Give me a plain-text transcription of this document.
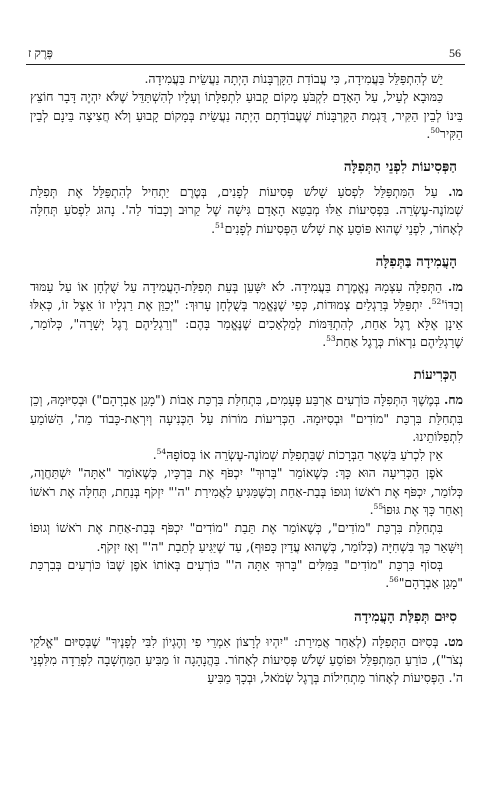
56
פֶּרֶק ז

יֵשׁ לְהִתְפַּלֵּל בַּעֲמִידָה, כִּי עֲבוֹדַת הַקָּרְבָּנוֹת הָיְתָה נַעֲשֵׂית בַּעֲמִידָה.

כַּמּוּבָא לְעֵיל, עַל הָאָדָם לִקְבֹּעַ מָקוֹם קָבוּעַ לִתְפִלָּתוֹ וְעָלָיו לְהִשְׁתַּדֵּל שֶׁלֹּא יִהְיֶה דָּבָר חוֹצֵץ בֵּינוֹ לְבֵין הַקִּיר, דֻּגְמַת הַקָּרְבָּנוֹת שֶׁעֲבוֹדָתָם הָיְתָה נַעֲשֵׂית בְּמָקוֹם קָבוּעַ וְלֹא חֲצִיצָה בֵּינָם לְבֵין הַקִּיר$^{50}$.

הַפְּסִיעוֹת לִפְנֵי הַתְּפִלָּה

מו. עַל הַמִּתְפַּלֵּל לִפְסֹעַ שָׁלֹשׁ פְּסִיעוֹת לְפָנִים, בְּטֶרֶם יַתְחִיל לְהִתְפַּלֵּל אֶת תְּפִלַּת שְׁמוֹנֶה-עֶשְׂרֵה. בִּפְסִיעוֹת אֵלּוּ מְבַטֵּא הָאָדָם גִּישָׁה שֶׁל קֵרוּב וְכָבוֹד לַה'. נָהוּג לִפְסֹעַ תְּחִלָּה לְאָחוֹר, לִפְנֵי שֶׁהוּא פּוֹסֵעַ אֶת שָׁלֹשׁ הַפְּסִיעוֹת לְפָנִים$^{51}$.

הָעֲמִידָה בַּתְּפִלָּה

מז. הַתְּפִלָּה עַצְמָהּ נֶאֱמֶרֶת בַּעֲמִידָה. לֹא יִשָּׁעֵן בְּעֵת תְּפִלַּת-הָעֲמִידָה עַל שֻׁלְחָן אוֹ עַל עַמּוּד וְכַדּוֹ'$^{52}$. יִתְפַּלֵּל בְּרַגְלַיִם צְמוּדוֹת, כְּפִי שֶׁנֶּאֱמַר בְּשֻׁלְחָן עָרוּךְ: "יְכַוֵּן אֶת רַגְלָיו זוֹ אֵצֶל זוֹ, כְּאִלּוּ אֵינָן אֶלָּא רֶגֶל אַחַת, לְהִתְדַּמּוֹת לְמַלְאָכִים שֶׁנֶּאֱמַר בָּהֶם: "וְרַגְלֵיהֶם רֶגֶל יְשָׁרָה", כְּלוֹמַר, שֶׁרַגְלֵיהֶם נִרְאוֹת כְּרֶגֶל אַחַת$^{53}$.

הַכְּרִיעוֹת

מח. בְּמֶשֶׁךְ הַתְּפִלָּה כּוֹרְעִים אַרְבַּע פְּעָמִים, בִּתְחִלַּת בִּרְכַּת אָבוֹת ("מָגֵן אַבְרָהָם") וּבְסִיּוּמָהּ, וְכֵן בִּתְחִלַּת בִּרְכַּת "מוֹדִים" וּבְסִיּוּמָהּ. הַכְּרִיעוֹת מוֹרוֹת עַל הַכְּנִיעָה וְיִרְאַת-כָּבוֹד מֵה', הַשּׁוֹמֵעַ לִתְפִלּוֹתֵינוּ.

אֵין לִכְרֹעַ בִּשְׁאָר הַבְּרָכוֹת שֶׁבִּתְפִלַּת שְׁמוֹנֶה-עֶשְׂרֵה אוֹ בְּסוֹפָהּ$^{54}$.

אֹפֶן הַכְּרִיעָה הוּא כָּךְ: כְּשֶׁאוֹמֵר "בָּרוּךְ" יִכְפֹּף אֶת בִּרְכָּיו, כְּשֶׁאוֹמֵר "אַתָּה" יִשְׁתַּחֲוֶה, כְּלוֹמַר, יִכְפֹּף אֶת רֹאשׁוֹ וְגוּפוֹ בְּבַת-אַחַת וְכִשֶּׁמַּגִּיעַ לַאֲמִירַת "ה'" יִזְקֹף בְּנַחַת, תְּחִלָּה אֶת רֹאשׁוֹ וְאַחַר כָּךְ אֶת גּוּפוֹ$^{55}$.

בִּתְחִלַּת בִּרְכַּת "מוֹדִים", כְּשֶׁאוֹמֵר אֶת תֵּבַת "מוֹדִים" יִכְפֹּף בְּבַת-אַחַת אֶת רֹאשׁוֹ וְגוּפוֹ וְיִשָּׁאֵר כָּךְ בִּשְׁחִיָּה (כְּלוֹמַר, כְּשֶׁהוּא עֲדַיִן כָּפוּף), עַד שֶׁיַּגִּיעַ לְתֵבַת "ה'" וְאָז יִזְקֹף.

בְּסוֹף בִּרְכַּת "מוֹדִים" בַּמִּלִּים "בָּרוּךְ אַתָּה ה'" כּוֹרְעִים בְּאוֹתוֹ אֹפֶן שֶׁבּוֹ כּוֹרְעִים בְּבִרְכַּת "מָגֵן אַבְרָהָם"$^{56}$.

סִיּוּם תְּפִלַּת הָעֲמִידָה

מט. בְּסִיּוּם הַתְּפִלָּה (לְאַחַר אֲמִירַת: "יִהְיוּ לְרָצוֹן אִמְרֵי פִי וְהֶגְיוֹן לִבִּי לְפָנֶיךָ" שֶׁבְּסִיּוּם "אֱלֹקַי נְצֹר"), כּוֹרֵעַ הַמִּתְפַּלֵּל וּפוֹסֵעַ שָׁלֹשׁ פְּסִיעוֹת לְאָחוֹר. בַּהֲנָהָגָה זוֹ מַבִּיעַ הַמַּחְשָׁבָה לִפְרֵדָה מִלִּפְנֵי ה'. הַפְּסִיעוֹת לְאָחוֹר מַתְחִילוֹת בְּרֶגֶל שְׂמֹאל, וּבְכָךְ מַבִּיעַ
